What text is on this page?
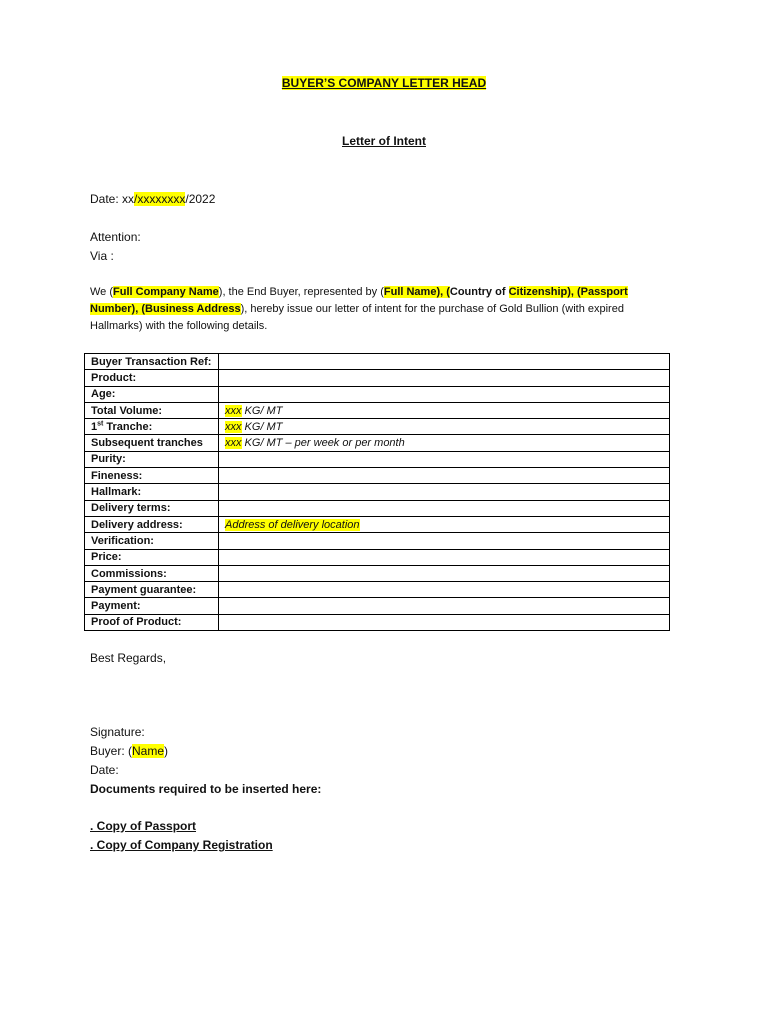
BUYER’S COMPANY LETTER HEAD
Letter of Intent
Date: xx/xxxxxxxx/2022
Attention:
Via :
We (Full Company Name), the End Buyer, represented by (Full Name), (Country of Citizenship), (Passport
Number), (Business Address), hereby issue our letter of intent for the purchase of Gold Bullion (with expired
Hallmarks) with the following details.
Buyer Transaction Ref:	
Product:	
Age:	
Total Volume:	xxx KG/ MT
1st Tranche:	xxx KG/ MT
Subsequent tranches	xxx KG/ MT – per week or per month
Purity:	
Fineness:	
Hallmark:	
Delivery terms:	
Delivery address:	Address of delivery location
Verification:	
Price:	
Commissions:	
Payment guarantee:	
Payment:	
Proof of Product:	
Best Regards,
Signature:
Buyer: (Name)
Date:
Documents required to be inserted here:
. Copy of Passport
. Copy of Company Registration
